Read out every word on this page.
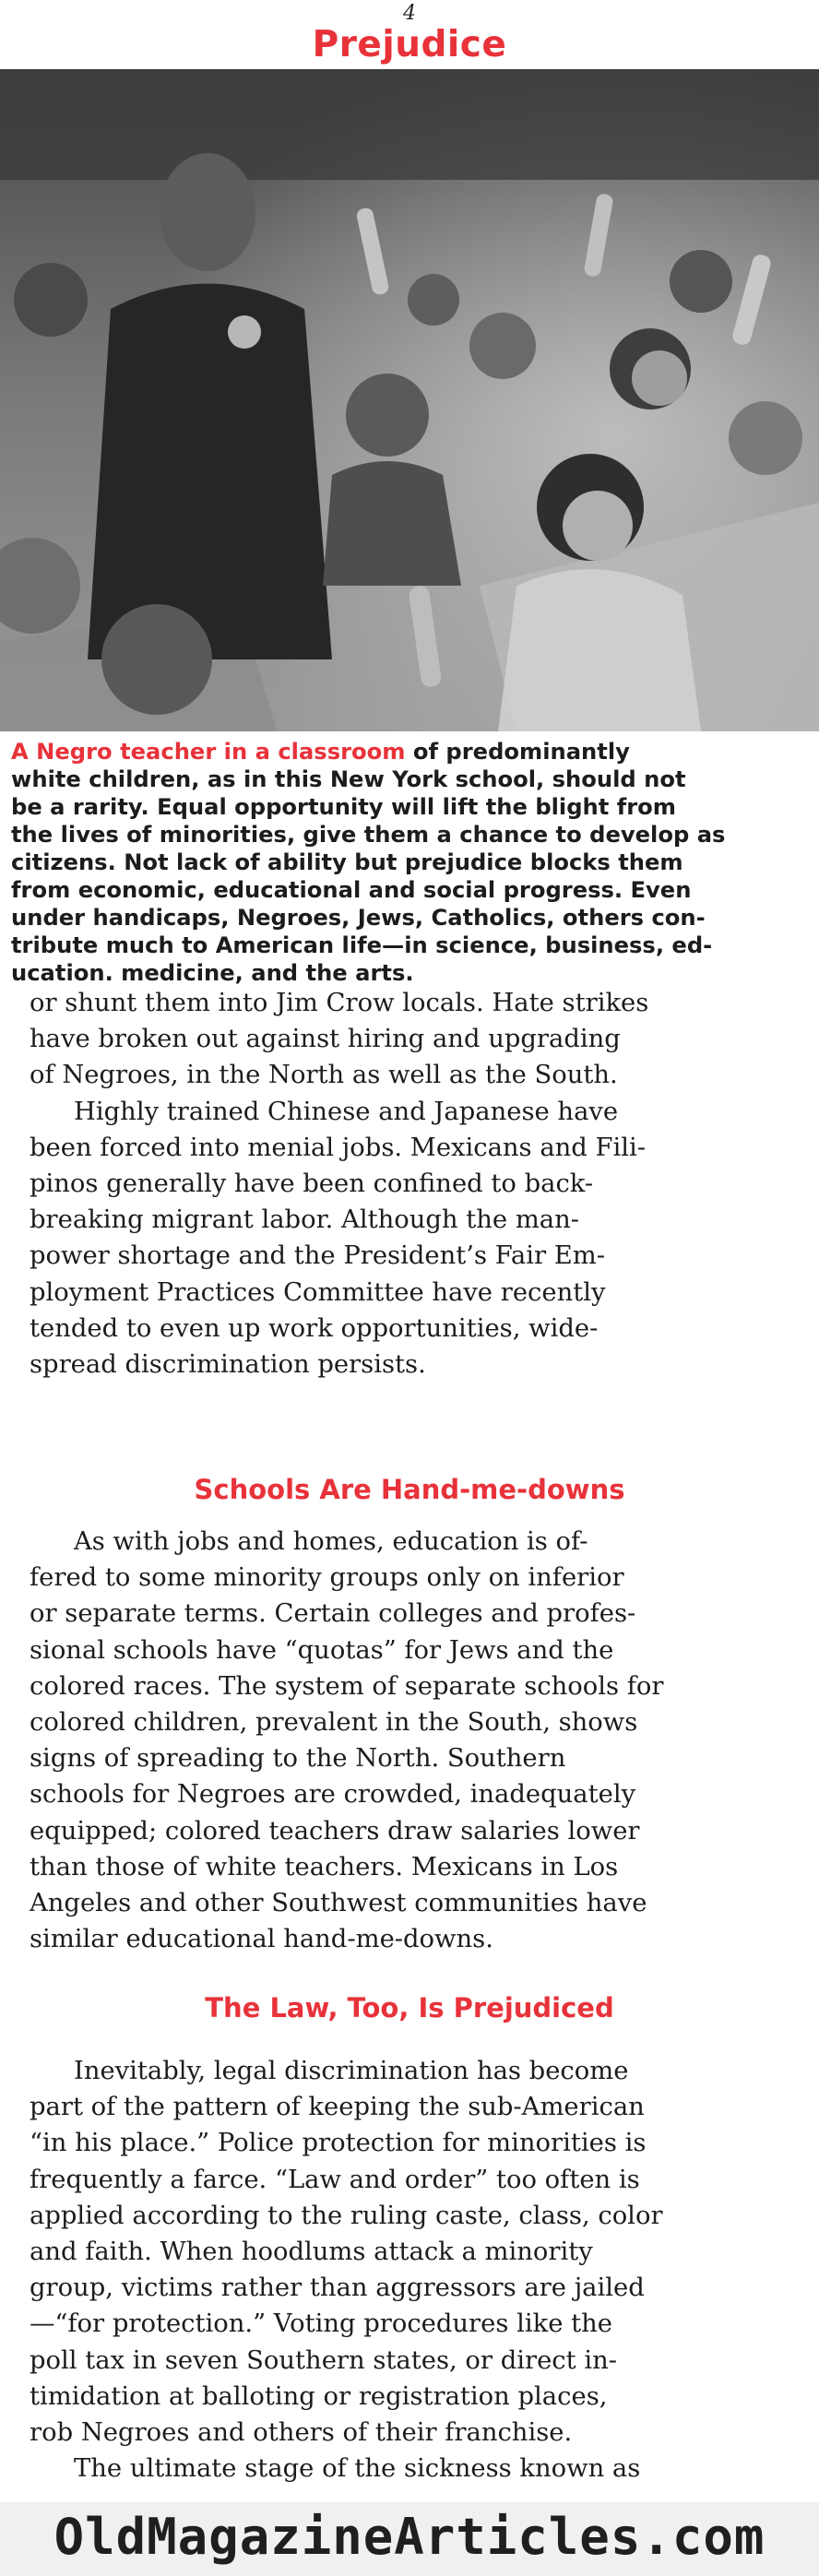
4
Prejudice
A Negro teacher in a classroom of predominantly
white children, as in this New York school, should not
be a rarity. Equal opportunity will lift the blight from
the lives of minorities, give them a chance to develop as
citizens. Not lack of ability but prejudice blocks them
from economic, educational and social progress. Even
under handicaps, Negroes, Jews, Catholics, others con-
tribute much to American life—in science, business, ed-
ucation. medicine, and the arts.
or shunt them into Jim Crow locals. Hate strikes
have broken out against hiring and upgrading
of Negroes, in the North as well as the South.
Highly trained Chinese and Japanese have
been forced into menial jobs. Mexicans and Fili-
pinos generally have been confined to back-
breaking migrant labor. Although the man-
power shortage and the President’s Fair Em-
ployment Practices Committee have recently
tended to even up work opportunities, wide-
spread discrimination persists.
Schools Are Hand-me-downs
As with jobs and homes, education is of-
fered to some minority groups only on inferior
or separate terms. Certain colleges and profes-
sional schools have “quotas” for Jews and the
colored races. The system of separate schools for
colored children, prevalent in the South, shows
signs of spreading to the North. Southern
schools for Negroes are crowded, inadequately
equipped; colored teachers draw salaries lower
than those of white teachers. Mexicans in Los
Angeles and other Southwest communities have
similar educational hand-me-downs.
The Law, Too, Is Prejudiced
Inevitably, legal discrimination has become
part of the pattern of keeping the sub-American
“in his place.” Police protection for minorities is
frequently a farce. “Law and order” too often is
applied according to the ruling caste, class, color
and faith. When hoodlums attack a minority
group, victims rather than aggressors are jailed
—“for protection.” Voting procedures like the
poll tax in seven Southern states, or direct in-
timidation at balloting or registration places,
rob Negroes and others of their franchise.
The ultimate stage of the sickness known as
OldMagazineArticles.com
